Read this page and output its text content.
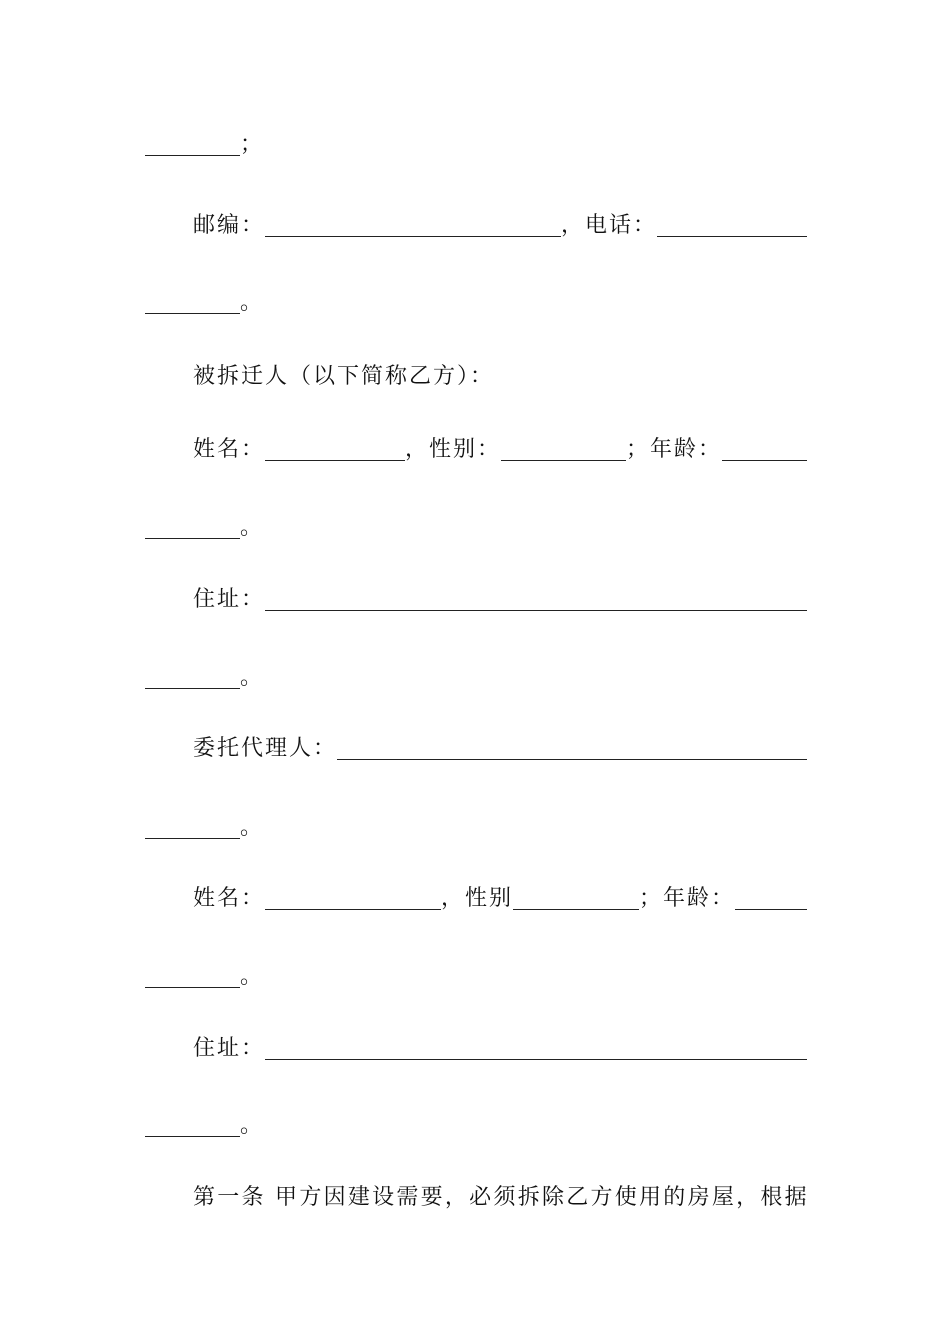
；
邮编：	，电话：
。
被拆迁人（以下简称乙方）：
姓名：	，性别：	；年龄：
。
住址：
。
委托代理人：
。
姓名：	，性别	；年龄：
。
住址：
。
第 一 条
甲 方 因 建 设 需 要 ， 必 须 拆 除 乙 方 使 用 的 房 屋 ， 根 据
